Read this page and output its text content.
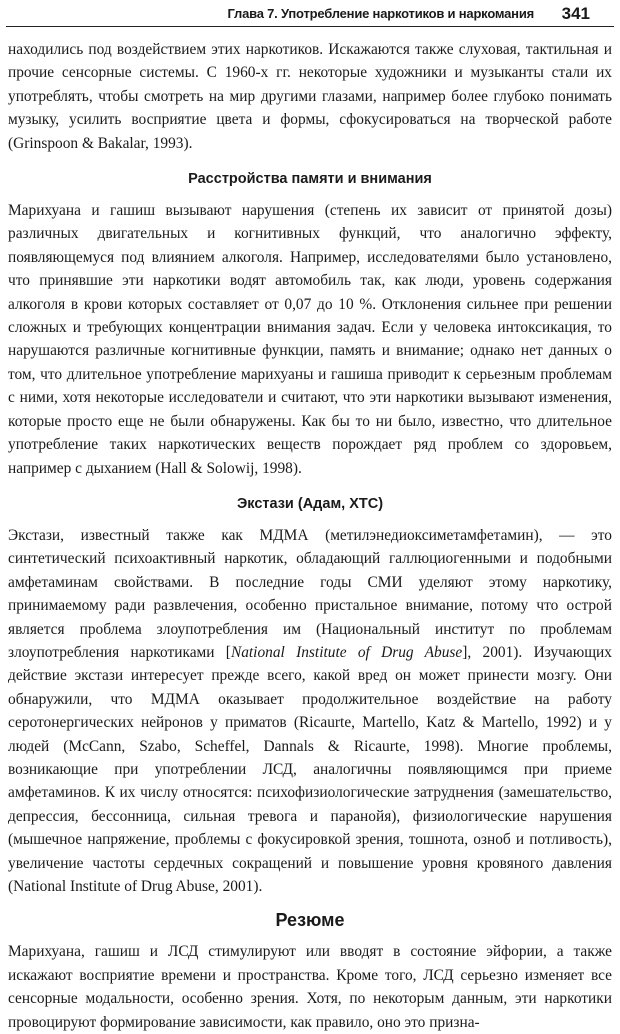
Глава 7. Употребление наркотиков и наркомания 341

находились под воздействием этих наркотиков. Искажаются также слуховая, тактильная и прочие сенсорные системы. С 1960-х гг. некоторые художники и музыканты стали их употреблять, чтобы смотреть на мир другими глазами, например более глубоко понимать музыку, усилить восприятие цвета и формы, сфокусироваться на творческой работе (Grinspoon & Bakalar, 1993).

Расстройства памяти и внимания

Марихуана и гашиш вызывают нарушения (степень их зависит от принятой дозы) различных двигательных и когнитивных функций, что аналогично эффекту, появляющемуся под влиянием алкоголя. Например, исследователями было установлено, что принявшие эти наркотики водят автомобиль так, как люди, уровень содержания алкоголя в крови которых составляет от 0,07 до 10 %. Отклонения сильнее при решении сложных и требующих концентрации внимания задач. Если у человека интоксикация, то нарушаются различные когнитивные функции, память и внимание; однако нет данных о том, что длительное употребление марихуаны и гашиша приводит к серьезным проблемам с ними, хотя некоторые исследователи и считают, что эти наркотики вызывают изменения, которые просто еще не были обнаружены. Как бы то ни было, известно, что длительное употребление таких наркотических веществ порождает ряд проблем со здоровьем, например с дыханием (Hall & Solowij, 1998).

Экстази (Адам, XTC)

Экстази, известный также как МДМА (метилэнедиоксиметамфетамин), — это синтетический психоактивный наркотик, обладающий галлюциогенными и подобными амфетаминам свойствами. В последние годы СМИ уделяют этому наркотику, принимаемому ради развлечения, особенно пристальное внимание, потому что острой является проблема злоупотребления им (Национальный институт по проблемам злоупотребления наркотиками [National Institute of Drug Abuse], 2001). Изучающих действие экстази интересует прежде всего, какой вред он может принести мозгу. Они обнаружили, что МДМА оказывает продолжительное воздействие на работу серотонергических нейронов у приматов (Ricaurte, Martello, Katz & Martello, 1992) и у людей (McCann, Szabo, Scheffel, Dannals & Ricaurte, 1998). Многие проблемы, возникающие при употреблении ЛСД, аналогичны появляющимся при приеме амфетаминов. К их числу относятся: психофизиологические затруднения (замешательство, депрессия, бессонница, сильная тревога и паранойя), физиологические нарушения (мышечное напряжение, проблемы с фокусировкой зрения, тошнота, озноб и потливость), увеличение частоты сердечных сокращений и повышение уровня кровяного давления (National Institute of Drug Abuse, 2001).

Резюме

Марихуана, гашиш и ЛСД стимулируют или вводят в состояние эйфории, а также искажают восприятие времени и пространства. Кроме того, ЛСД серьезно изменяет все сенсорные модальности, особенно зрения. Хотя, по некоторым данным, эти наркотики провоцируют формирование зависимости, как правило, оно это призна-
